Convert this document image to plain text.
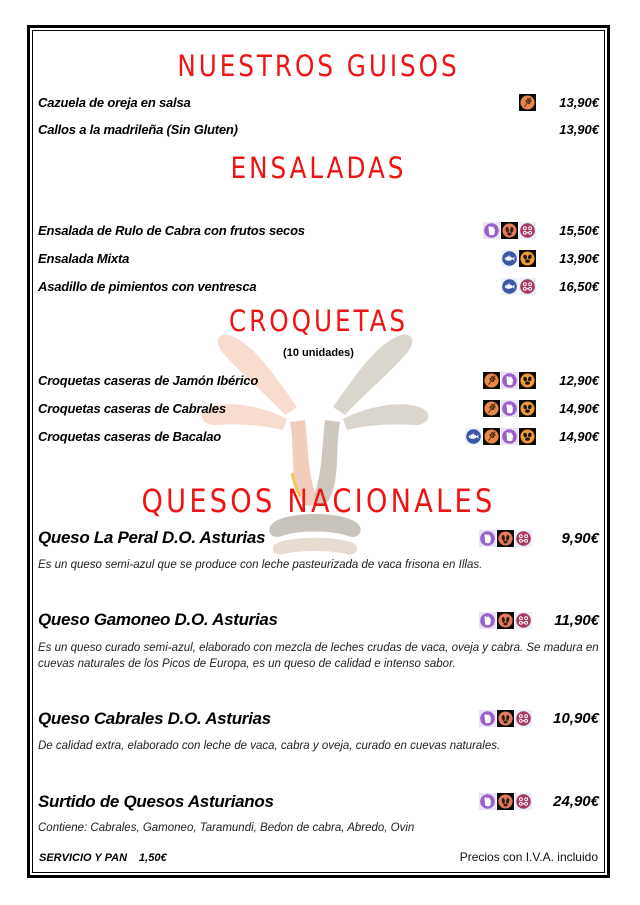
NUESTROS GUISOS
Cazuela de oreja en salsa	13,90€
Callos a la madrileña (Sin Gluten)	13,90€
ENSALADAS
Ensalada de Rulo de Cabra con frutos secos	15,50€
Ensalada Mixta	13,90€
Asadillo de pimientos con ventresca	16,50€
CROQUETAS
(10 unidades)
Croquetas caseras de Jamón Ibérico	12,90€
Croquetas caseras de Cabrales	14,90€
Croquetas caseras de Bacalao	14,90€
QUESOS NACIONALES
Queso La Peral D.O. Asturias	9,90€

Es un queso semi-azul que se produce con leche pasteurizada de vaca frisona en Illas.

Queso Gamoneo D.O. Asturias	11,90€

Es un queso curado semi-azul, elaborado con mezcla de leches crudas de vaca, oveja y cabra. Se madura en cuevas naturales de los Picos de Europa, es un queso de calidad e intenso sabor.

Queso Cabrales D.O. Asturias	10,90€

De calidad extra, elaborado con leche de vaca, cabra y oveja, curado en cuevas naturales.

Surtido de Quesos Asturianos	24,90€

Contiene: Cabrales, Gamoneo, Taramundi, Bedon de cabra, Abredo, Ovin

SERVICIO Y PAN 1,50€	Precios con I.V.A. incluido
